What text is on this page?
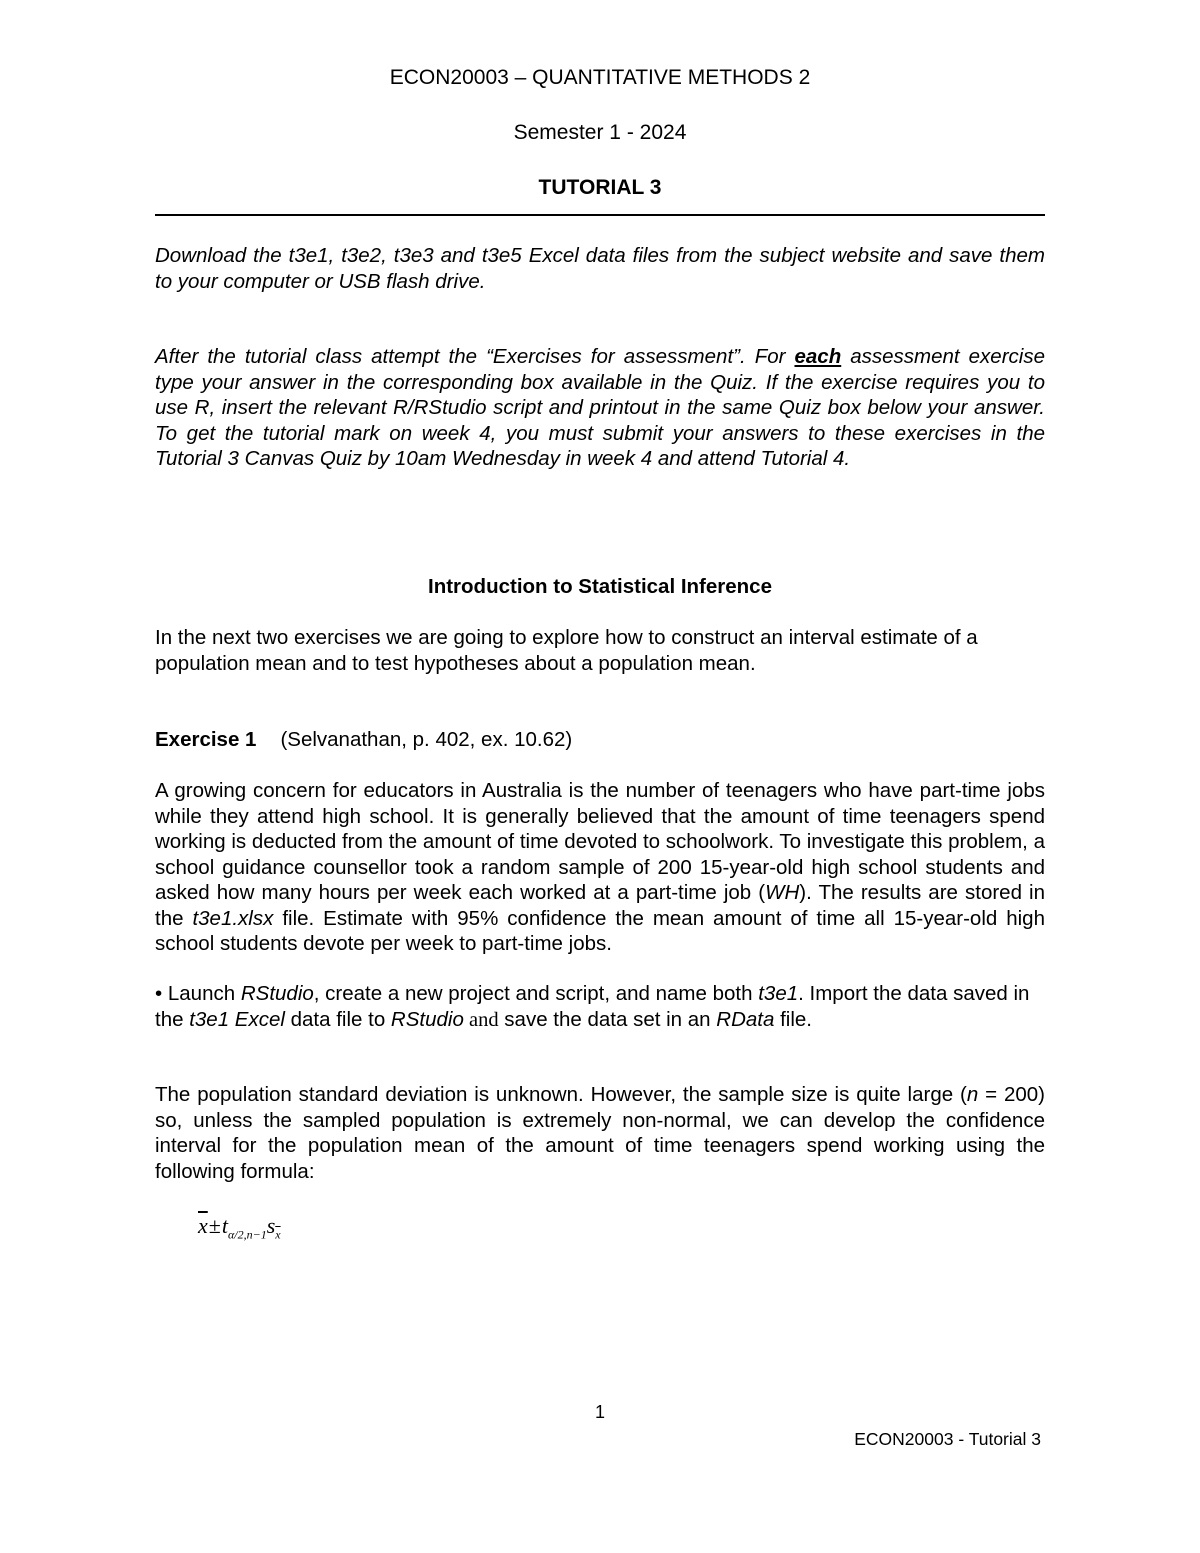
ECON20003 – QUANTITATIVE METHODS 2
Semester 1 - 2024
TUTORIAL 3
Download the t3e1, t3e2, t3e3 and t3e5 Excel data files from the subject website and save them to your computer or USB flash drive.
After the tutorial class attempt the “Exercises for assessment”. For each assessment exercise type your answer in the corresponding box available in the Quiz. If the exercise requires you to use R, insert the relevant R/RStudio script and printout in the same Quiz box below your answer. To get the tutorial mark on week 4, you must submit your answers to these exercises in the Tutorial 3 Canvas Quiz by 10am Wednesday in week 4 and attend Tutorial 4.
Introduction to Statistical Inference
In the next two exercises we are going to explore how to construct an interval estimate of a population mean and to test hypotheses about a population mean.
Exercise 1 (Selvanathan, p. 402, ex. 10.62)
A growing concern for educators in Australia is the number of teenagers who have part-time jobs while they attend high school. It is generally believed that the amount of time teenagers spend working is deducted from the amount of time devoted to schoolwork. To investigate this problem, a school guidance counsellor took a random sample of 200 15-year-old high school students and asked how many hours per week each worked at a part-time job (WH). The results are stored in the t3e1.xlsx file. Estimate with 95% confidence the mean amount of time all 15-year-old high school students devote per week to part-time jobs.
• Launch RStudio, create a new project and script, and name both t3e1. Import the data saved in the t3e1 Excel data file to RStudio and save the data set in an RData file.
The population standard deviation is unknown. However, the sample size is quite large (n = 200) so, unless the sampled population is extremely non-normal, we can develop the confidence interval for the population mean of the amount of time teenagers spend working using the following formula:
$\overline{x}\pm t_{\alpha/2,n-1}s_{\overline{x}}$
1
ECON20003 - Tutorial 3
